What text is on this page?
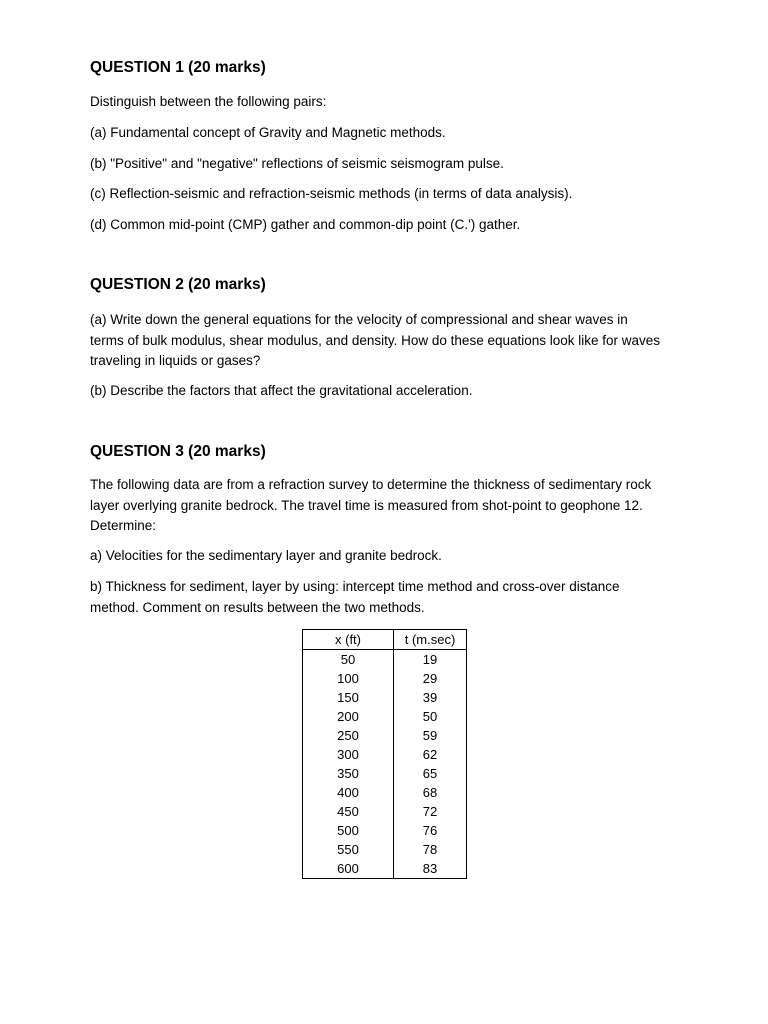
QUESTION 1 (20 marks)
Distinguish between the following pairs:
(a) Fundamental concept of Gravity and Magnetic methods.
(b) "Positive" and "negative" reflections of seismic seismogram pulse.
(c) Reflection-seismic and refraction-seismic methods (in terms of data analysis).
(d) Common mid-point (CMP) gather and common-dip point (C.') gather.
QUESTION 2 (20 marks)
(a) Write down the general equations for the velocity of compressional and shear waves in
terms of bulk modulus, shear modulus, and density. How do these equations look like for waves
traveling in liquids or gases?
(b) Describe the factors that affect the gravitational acceleration.
QUESTION 3 (20 marks)
The following data are from a refraction survey to determine the thickness of sedimentary rock
layer overlying granite bedrock. The travel time is measured from shot-point to geophone 12.
Determine:
a) Velocities for the sedimentary layer and granite bedrock.
b) Thickness for sediment, layer by using: intercept time method and cross-over distance
method. Comment on results between the two methods.
x (ft)	t (m.sec)
50	19
100	29
150	39
200	50
250	59
300	62
350	65
400	68
450	72
500	76
550	78
600	83
